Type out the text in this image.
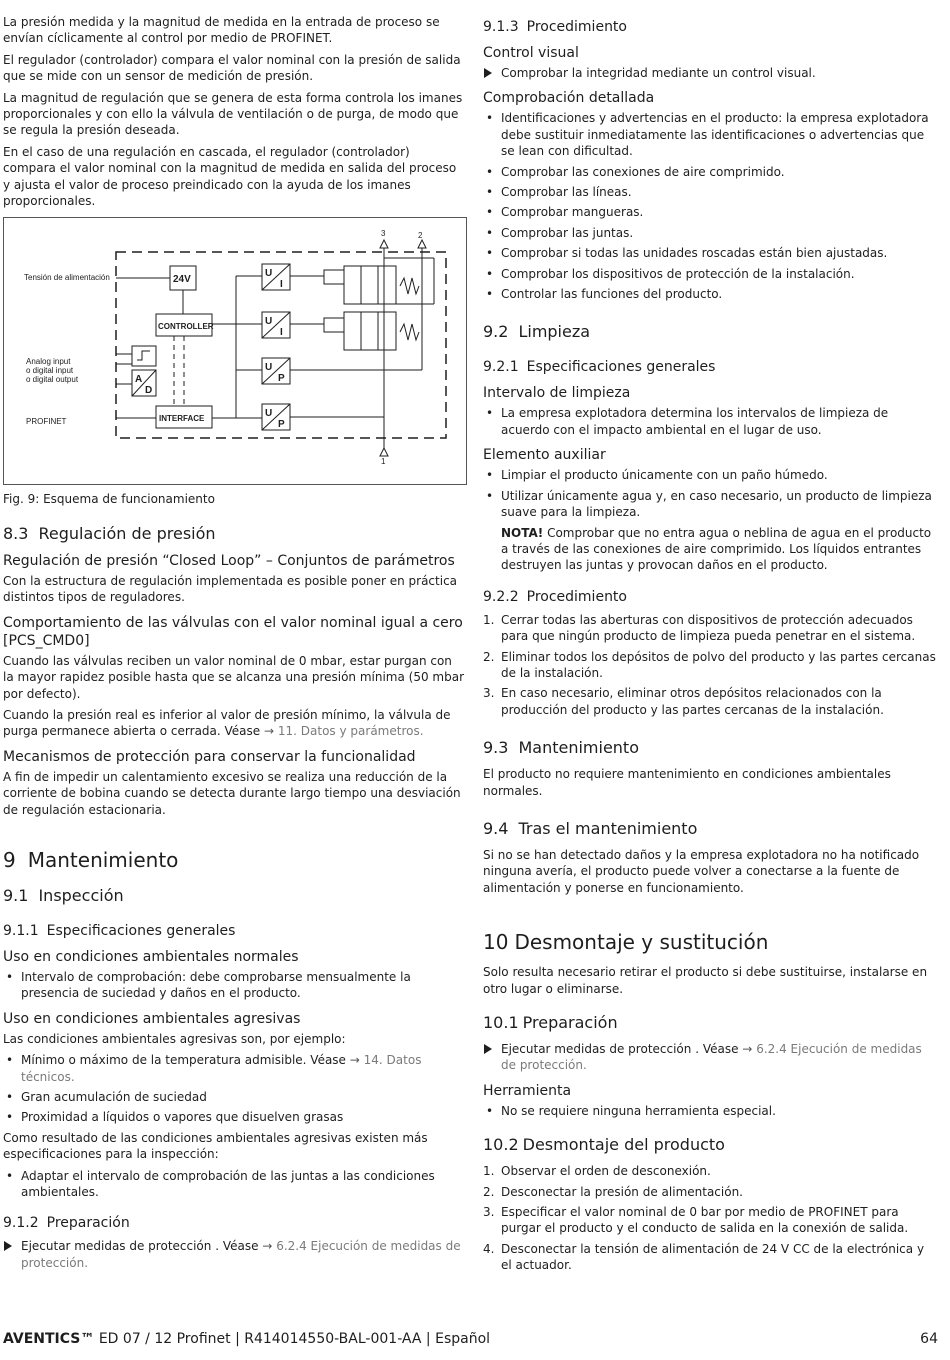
La presión medida y la magnitud de medida en la entrada de proceso se envían cíclicamente al control por medio de PROFINET.

El regulador (controlador) compara el valor nominal con la presión de salida que se mide con un sensor de medición de presión.

La magnitud de regulación que se genera de esta forma controla los imanes proporcionales y con ello la válvula de ventilación o de purga, de modo que se regula la presión deseada.

En el caso de una regulación en cascada, el regulador (controlador) compara el valor nominal con la magnitud de medida en salida del proceso y ajusta el valor de proceso preindicado con la ayuda de los imanes proporcionales.

Tensión de alimentación
Analog input
o digital input
o digital output
PROFINET
24V
CONTROLLER
A
D
INTERFACE
U
I
U
I
U
P
U
P
3	2
1
Fig. 9: Esquema de funcionamiento
8.3 Regulación de presión
Regulación de presión “Closed Loop” – Conjuntos de parámetros

Con la estructura de regulación implementada es posible poner en práctica distintos tipos de reguladores.

Comportamiento de las válvulas con el valor nominal igual a cero [PCS_CMD0]

Cuando las válvulas reciben un valor nominal de 0 mbar, estar purgan con la mayor rapidez posible hasta que se alcanza una presión mínima (50 mbar por defecto).

Cuando la presión real es inferior al valor de presión mínimo, la válvula de purga permanece abierta o cerrada. Véase → 11. Datos y parámetros.

Mecanismos de protección para conservar la funcionalidad

A fin de impedir un calentamiento excesivo se realiza una reducción de la corriente de bobina cuando se detecta durante largo tiempo una desviación de regulación estacionaria.

9 Mantenimiento
9.1 Inspección
9.1.1 Especificaciones generales
Uso en condiciones ambientales normales
• Intervalo de comprobación: debe comprobarse mensualmente la presencia de suciedad y daños en el producto.
Uso en condiciones ambientales agresivas

Las condiciones ambientales agresivas son, por ejemplo:

• Mínimo o máximo de la temperatura admisible. Véase → 14. Datos técnicos.
• Gran acumulación de suciedad
• Proximidad a líquidos o vapores que disuelven grasas

Como resultado de las condiciones ambientales agresivas existen más especificaciones para la inspección:

• Adaptar el intervalo de comprobación de las juntas a las condiciones ambientales.
9.1.2 Preparación
Ejecutar medidas de protección . Véase → 6.2.4 Ejecución de medidas de protección.
9.1.3 Procedimiento
Control visual
Comprobar la integridad mediante un control visual.
Comprobación detallada
• Identificaciones y advertencias en el producto: la empresa explotadora debe sustituir inmediatamente las identificaciones o advertencias que se lean con dificultad.
• Comprobar las conexiones de aire comprimido.
• Comprobar las líneas.
• Comprobar mangueras.
• Comprobar las juntas.
• Comprobar si todas las unidades roscadas están bien ajustadas.
• Comprobar los dispositivos de protección de la instalación.
• Controlar las funciones del producto.
9.2 Limpieza
9.2.1 Especificaciones generales
Intervalo de limpieza
• La empresa explotadora determina los intervalos de limpieza de acuerdo con el impacto ambiental en el lugar de uso.
Elemento auxiliar
• Limpiar el producto únicamente con un paño húmedo.
• Utilizar únicamente agua y, en caso necesario, un producto de limpieza suave para la limpieza.

NOTA! Comprobar que no entra agua o neblina de agua en el producto a través de las conexiones de aire comprimido. Los líquidos entrantes destruyen las juntas y provocan daños en el producto.

9.2.2 Procedimiento
1. Cerrar todas las aberturas con dispositivos de protección adecuados para que ningún producto de limpieza pueda penetrar en el sistema.
2. Eliminar todos los depósitos de polvo del producto y las partes cercanas de la instalación.
3. En caso necesario, eliminar otros depósitos relacionados con la producción del producto y las partes cercanas de la instalación.
9.3 Mantenimiento

El producto no requiere mantenimiento en condiciones ambientales normales.

9.4 Tras el mantenimiento

Si no se han detectado daños y la empresa explotadora no ha notificado ninguna avería, el producto puede volver a conectarse a la fuente de alimentación y ponerse en funcionamiento.

10 Desmontaje y sustitución

Solo resulta necesario retirar el producto si debe sustituirse, instalarse en otro lugar o eliminarse.

10.1 Preparación
Ejecutar medidas de protección . Véase → 6.2.4 Ejecución de medidas de protección.
Herramienta
• No se requiere ninguna herramienta especial.
10.2 Desmontaje del producto
1. Observar el orden de desconexión.
2. Desconectar la presión de alimentación.
3. Especificar el valor nominal de 0 bar por medio de PROFINET para purgar el producto y el conducto de salida en la conexión de salida.
4. Desconectar la tensión de alimentación de 24 V CC de la electrónica y el actuador.
AVENTICS™ ED 07 / 12 Profinet | R414014550-BAL-001-AA | Español	64
